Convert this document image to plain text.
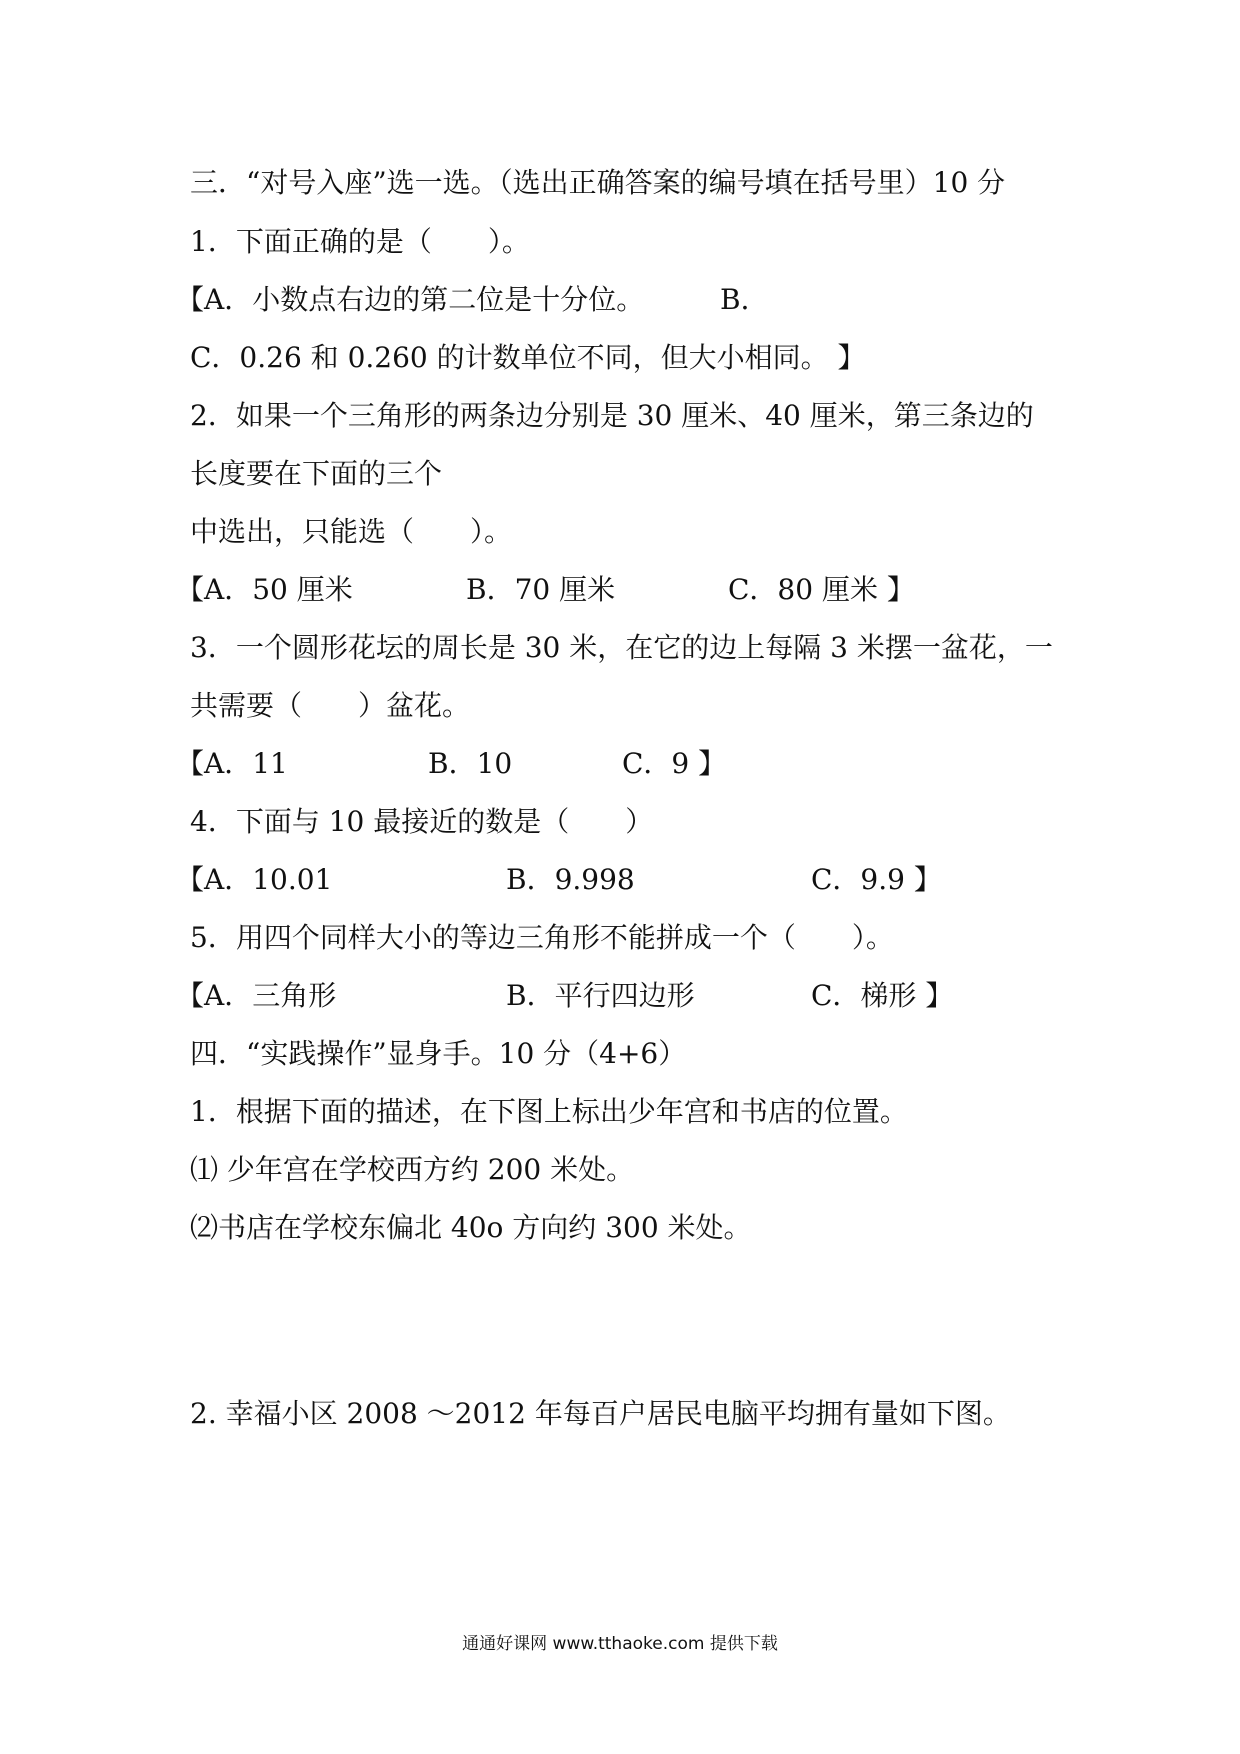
三．“对号入座”选一选。（选出正确答案的编号填在括号里）10 分
1．下面正确的是（　　）。
【A．小数点右边的第二位是十分位。	B．
C．0.26 和 0.260 的计数单位不同，但大小相同。 】
2．如果一个三角形的两条边分别是 30 厘米、40 厘米，第三条边的
长度要在下面的三个
中选出，只能选（　　）。
【A．50 厘米	B．70 厘米	C．80 厘米 】
3．一个圆形花坛的周长是 30 米，在它的边上每隔 3 米摆一盆花，一
共需要（　　）盆花。
【A．11	B．10	C．9 】
4．下面与 10 最接近的数是（　　）
【A．10.01	B．9.998	C．9.9 】
5．用四个同样大小的等边三角形不能拼成一个（　　）。
【A．三角形	B．平行四边形	C．梯形 】
四．“实践操作”显身手。10 分（4+6）
1．根据下面的描述，在下图上标出少年宫和书店的位置。
⑴ 少年宫在学校西方约 200 米处。
⑵书店在学校东偏北 40o 方向约 300 米处。
2. 幸福小区 2008 ～2012 年每百户居民电脑平均拥有量如下图。
通通好课网 www.tthaoke.com 提供下载
